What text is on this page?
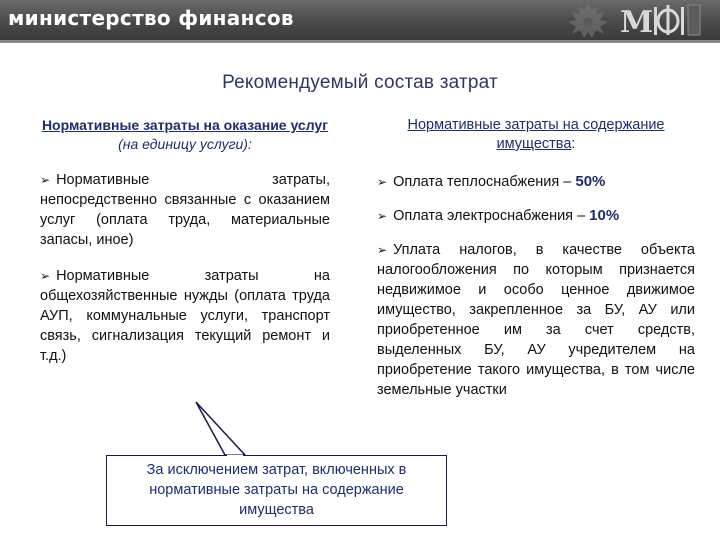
министерство финансов	М
Рекомендуемый состав затрат
Нормативные затраты на оказание услуг
(на единицу услуги):
➢ Нормативные затраты, непосредственно связанные с оказанием услуг (оплата труда, материальные запасы, иное)
➢ Нормативные затраты на общехозяйственные нужды (оплата труда АУП, коммунальные услуги, транспорт связь, сигнализация текущий ремонт и т.д.)
Нормативные затраты на содержание имущества:
➢ Оплата теплоснабжения – 50%
➢ Оплата электроснабжения – 10%
➢ Уплата налогов, в качестве объекта налогообложения по которым признается недвижимое и особо ценное движимое имущество, закрепленное за БУ, АУ или приобретенное им за счет средств, выделенных БУ, АУ учредителем на приобретение такого имущества, в том числе земельные участки
За исключением затрат, включенных в нормативные затраты на содержание имущества
